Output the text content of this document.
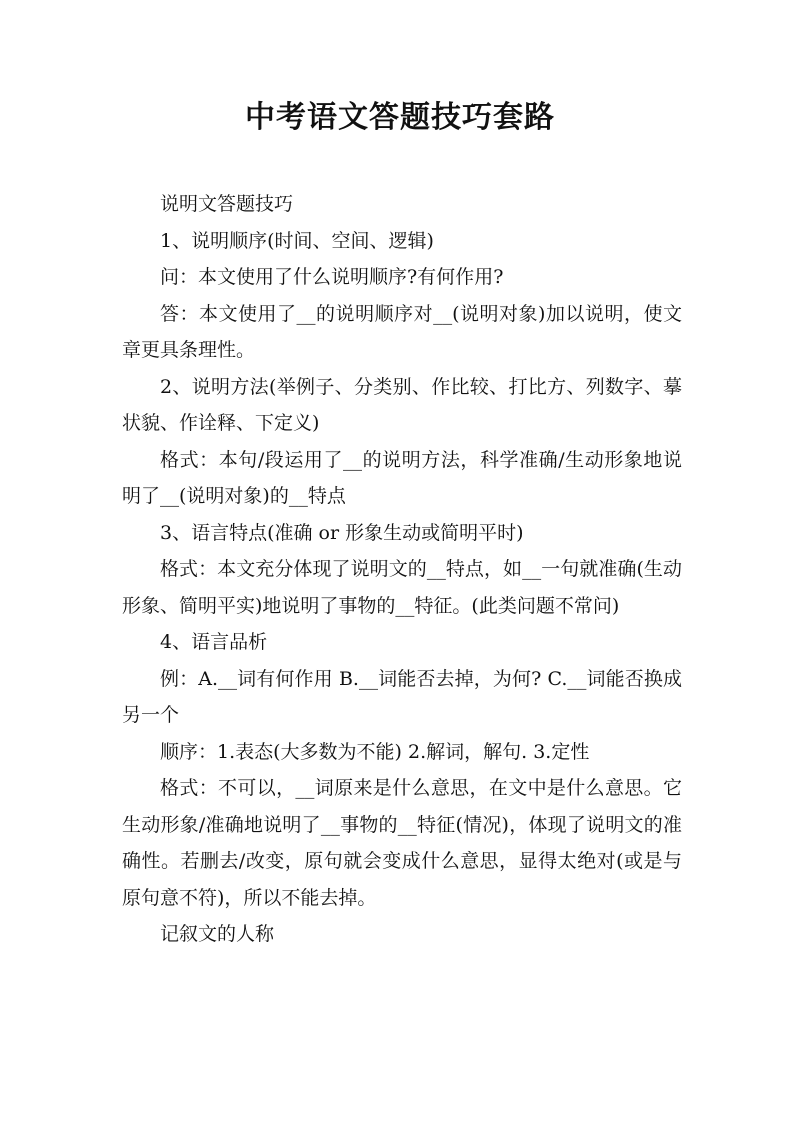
中考语文答题技巧套路

说明文答题技巧

1、说明顺序(时间、空间、逻辑)

问：本文使用了什么说明顺序?有何作用?

答：本文使用了__的说明顺序对__(说明对象)加以说明，使文章更具条理性。

2、说明方法(举例子、分类别、作比较、打比方、列数字、摹状貌、作诠释、下定义)

格式：本句/段运用了__的说明方法，科学准确/生动形象地说明了__(说明对象)的__特点

3、语言特点(准确 or 形象生动或简明平时)

格式：本文充分体现了说明文的__特点，如__一句就准确(生动形象、简明平实)地说明了事物的__特征。(此类问题不常问)

4、语言品析

例：A.__词有何作用 B.__词能否去掉，为何? C.__词能否换成另一个

顺序：1.表态(大多数为不能) 2.解词，解句. 3.定性

格式：不可以，__词原来是什么意思，在文中是什么意思。它生动形象/准确地说明了__事物的__特征(情况)，体现了说明文的准确性。若删去/改变，原句就会变成什么意思，显得太绝对(或是与原句意不符)，所以不能去掉。

记叙文的人称
